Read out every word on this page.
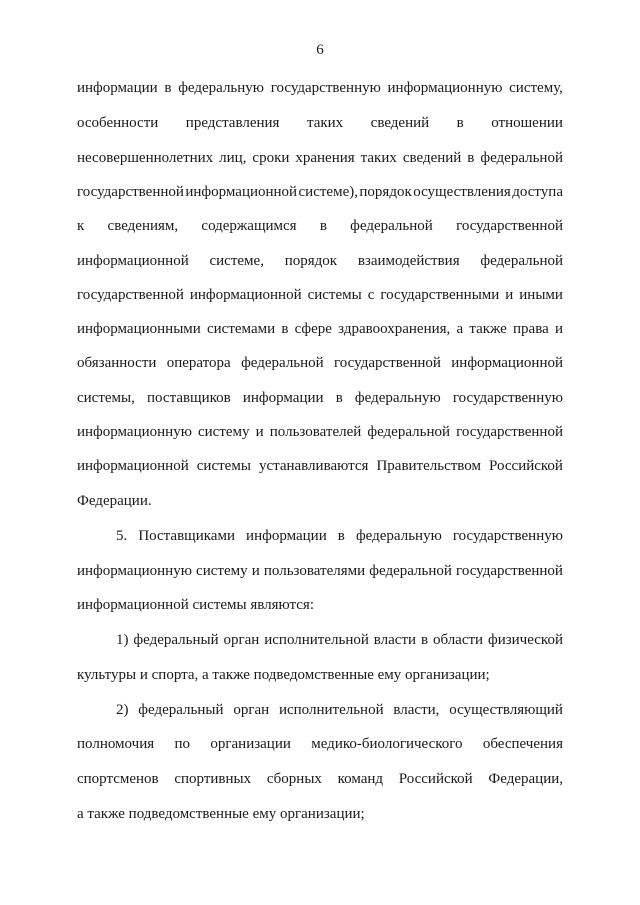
6
информации в федеральную государственную информационную систему,
особенности представления таких сведений в отношении
несовершеннолетних лиц, сроки хранения таких сведений в федеральной
государственной информационной системе), порядок осуществления доступа
к сведениям, содержащимся в федеральной государственной
информационной системе, порядок взаимодействия федеральной
государственной информационной системы с государственными и иными
информационными системами в сфере здравоохранения, а также права и
обязанности оператора федеральной государственной информационной
системы, поставщиков информации в федеральную государственную
информационную систему и пользователей федеральной государственной
информационной системы устанавливаются Правительством Российской
Федерации.
5. Поставщиками информации в федеральную государственную
информационную систему и пользователями федеральной государственной
информационной системы являются:
1) федеральный орган исполнительной власти в области физической
культуры и спорта, а также подведомственные ему организации;
2) федеральный орган исполнительной власти, осуществляющий
полномочия по организации медико-биологического обеспечения
спортсменов спортивных сборных команд Российской Федерации,
а также подведомственные ему организации;
